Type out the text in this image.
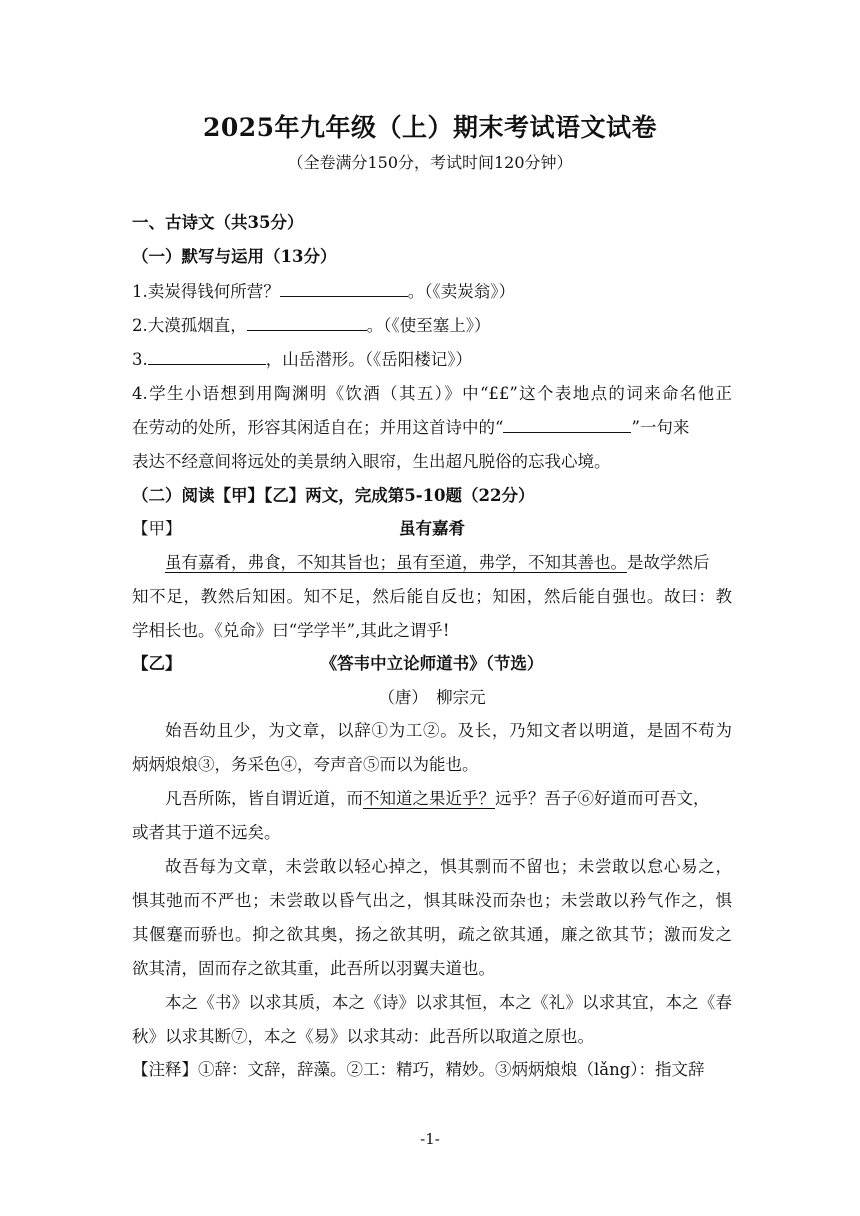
2025年九年级（上）期末考试语文试卷
（全卷满分150分，考试时间120分钟）
一、古诗文（共35分）
（一）默写与运用（13分）
1.卖炭得钱何所营？	。（《卖炭翁》）
2.大漠孤烟直，	。（《使至塞上》）
3.	，山岳潜形。（《岳阳楼记》）
4.学生小语想到用陶渊明《饮酒（其五）》中“££”这个表地点的词来命名他正
在劳动的处所，形容其闲适自在；并用这首诗中的“	”一句来
表达不经意间将远处的美景纳入眼帘，生出超凡脱俗的忘我心境。
（二）阅读【甲】【乙】两文，完成第5-10题（22分）
【甲】	虽有嘉肴
虽有嘉肴，弗食，不知其旨也；虽有至道，弗学，不知其善也。是故学然后
知不足，教然后知困。知不足，然后能自反也；知困，然后能自强也。故曰：教
学相长也。《兑命》曰“学学半”,其此之谓乎!
【乙】	《答韦中立论师道书》（节选）
（唐）　柳宗元
始吾幼且少，为文章，以辞①为工②。及长，乃知文者以明道，是固不苟为
炳炳烺烺③，务采色④，夸声音⑤而以为能也。
凡吾所陈，皆自谓近道，而不知道之果近乎？远乎？吾子⑥好道而可吾文，
或者其于道不远矣。
故吾每为文章，未尝敢以轻心掉之，惧其剽而不留也；未尝敢以怠心易之，
惧其弛而不严也；未尝敢以昏气出之，惧其昧没而杂也；未尝敢以矜气作之，惧
其偃蹇而骄也。抑之欲其奥，扬之欲其明，疏之欲其通，廉之欲其节；激而发之
欲其清，固而存之欲其重，此吾所以羽翼夫道也。
本之《书》以求其质，本之《诗》以求其恒，本之《礼》以求其宜，本之《春
秋》以求其断⑦，本之《易》以求其动：此吾所以取道之原也。
【注释】①辞：文辞，辞藻。②工：精巧，精妙。③炳炳烺烺（lǎng）：指文辞
-1-
